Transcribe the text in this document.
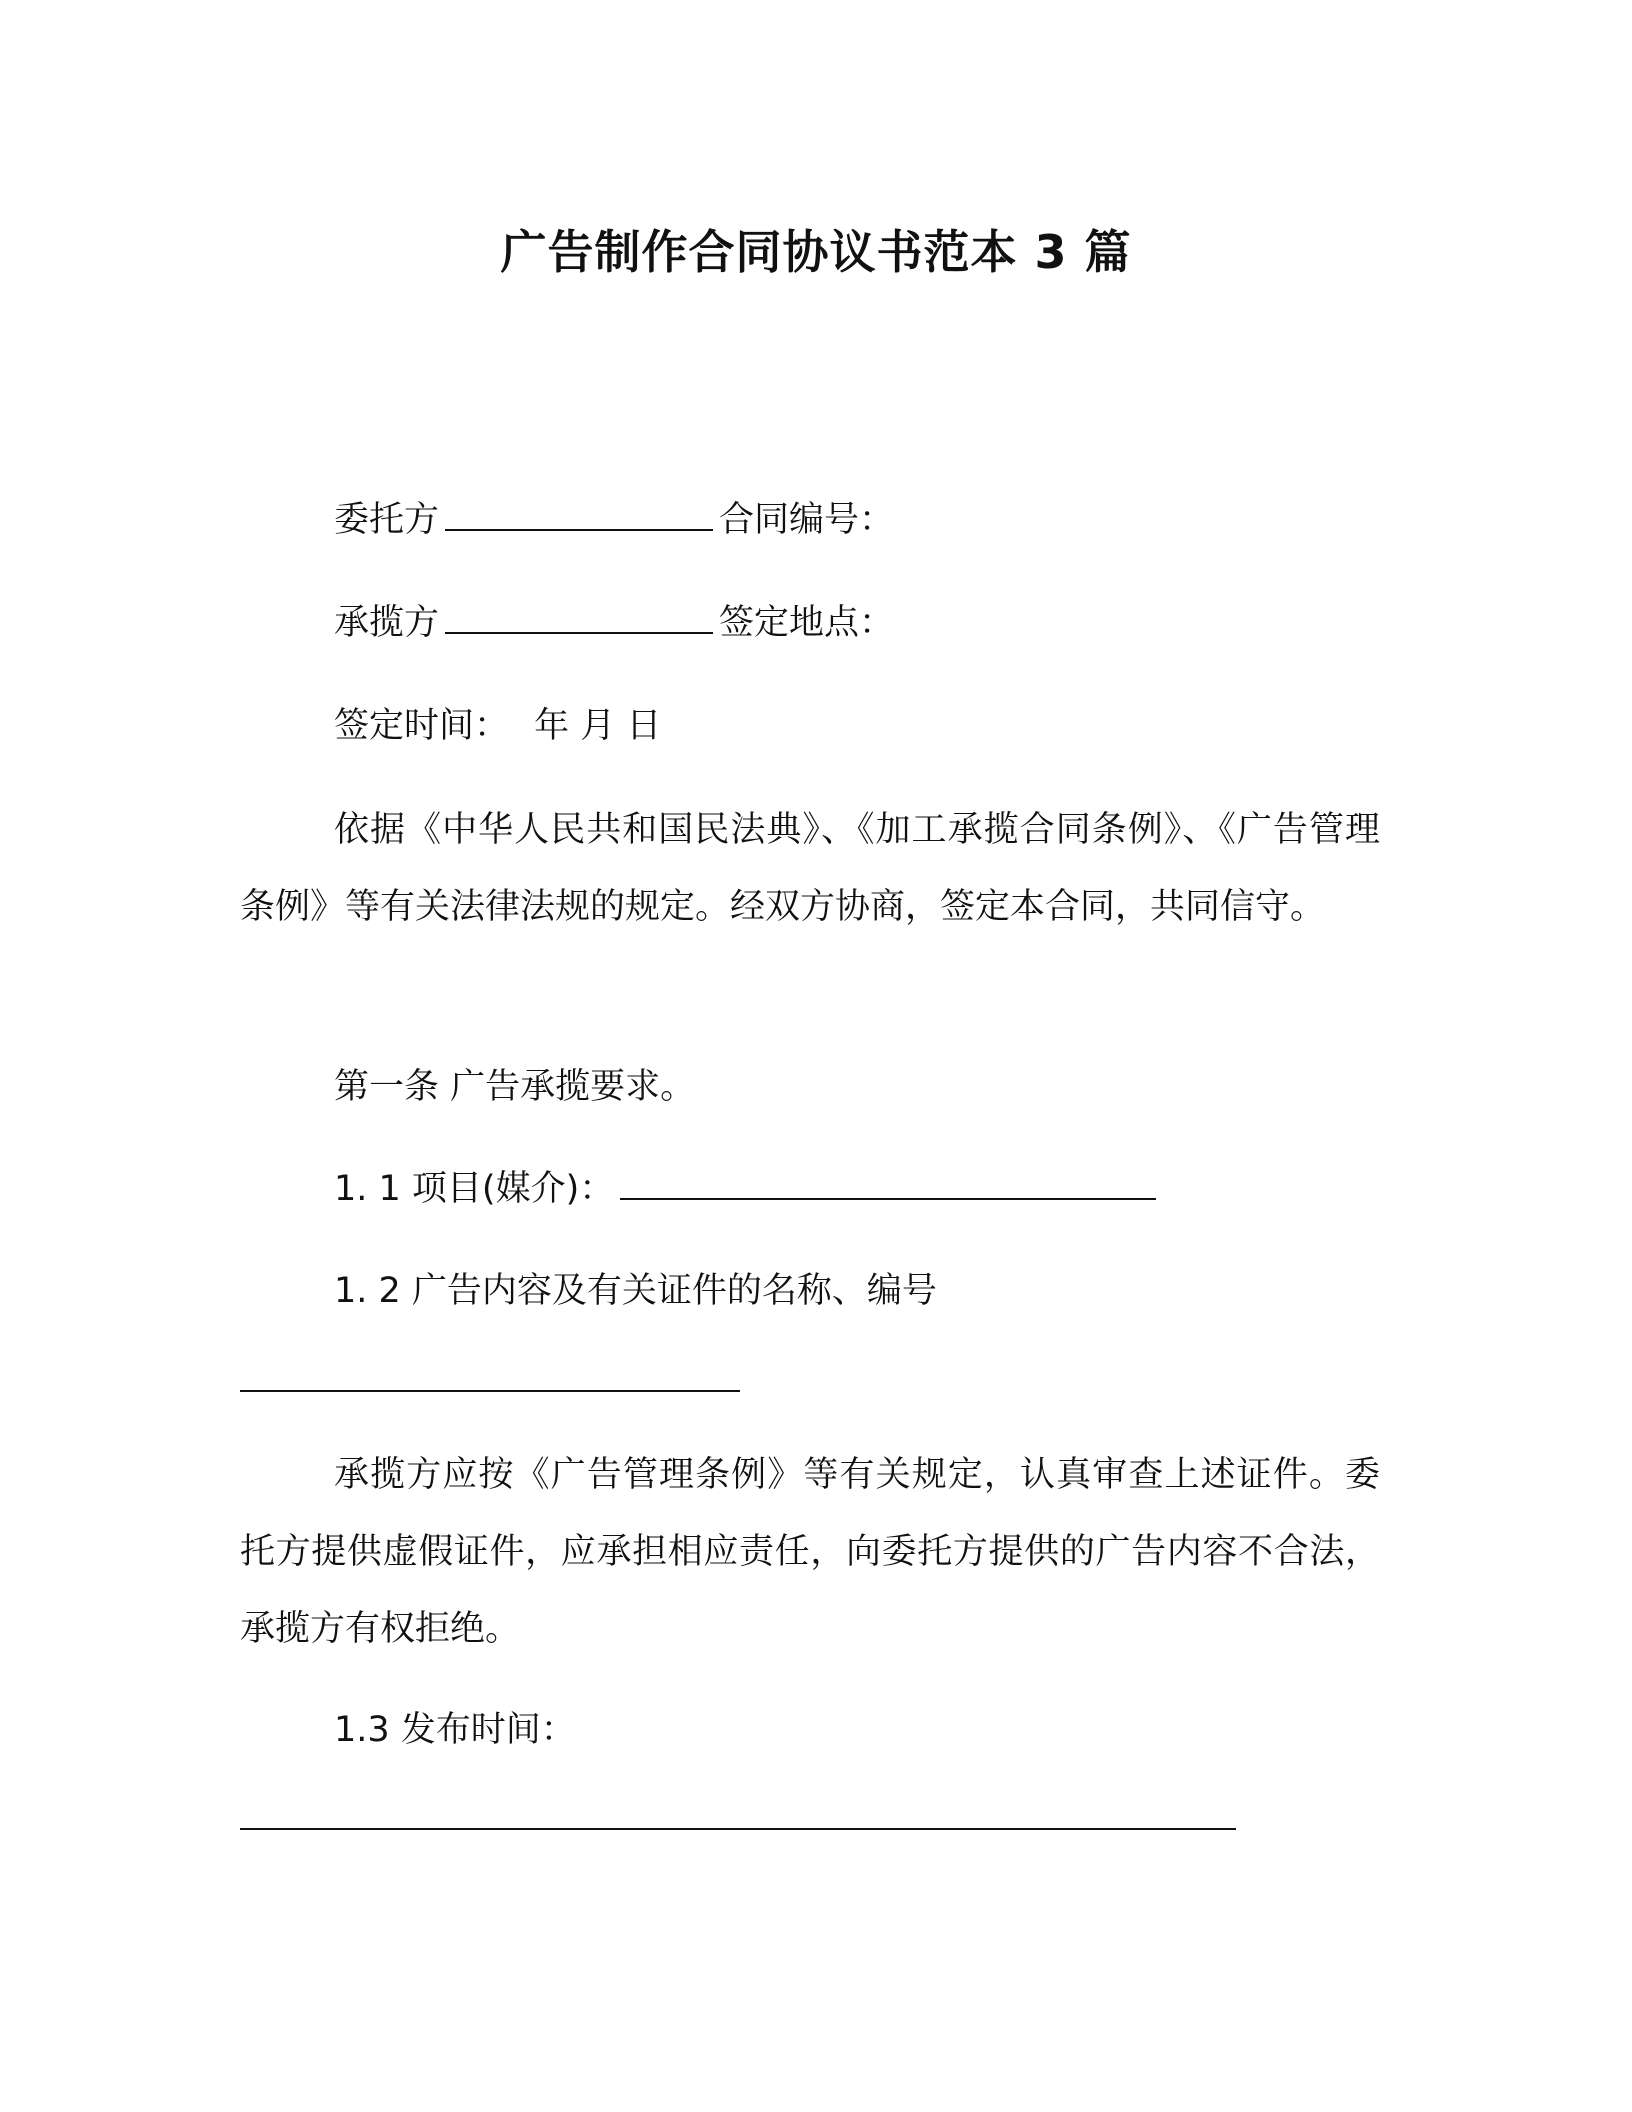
广告制作合同协议书范本 3 篇
委托方	合同编号：
承揽方	签定地点：
签定时间： 年 月 日
依据《中华人民共和国民法典》、《加工承揽合同条例》、《广告管理条例》等有关法律法规的规定。经双方协商，签定本合同，共同信守。
第一条 广告承揽要求。
1. 1 项目(媒介)：
1. 2 广告内容及有关证件的名称、编号
承揽方应按《广告管理条例》等有关规定，认真审查上述证件。委托方提供虚假证件，应承担相应责任，向委托方提供的广告内容不合法，承揽方有权拒绝。
1.3 发布时间：
